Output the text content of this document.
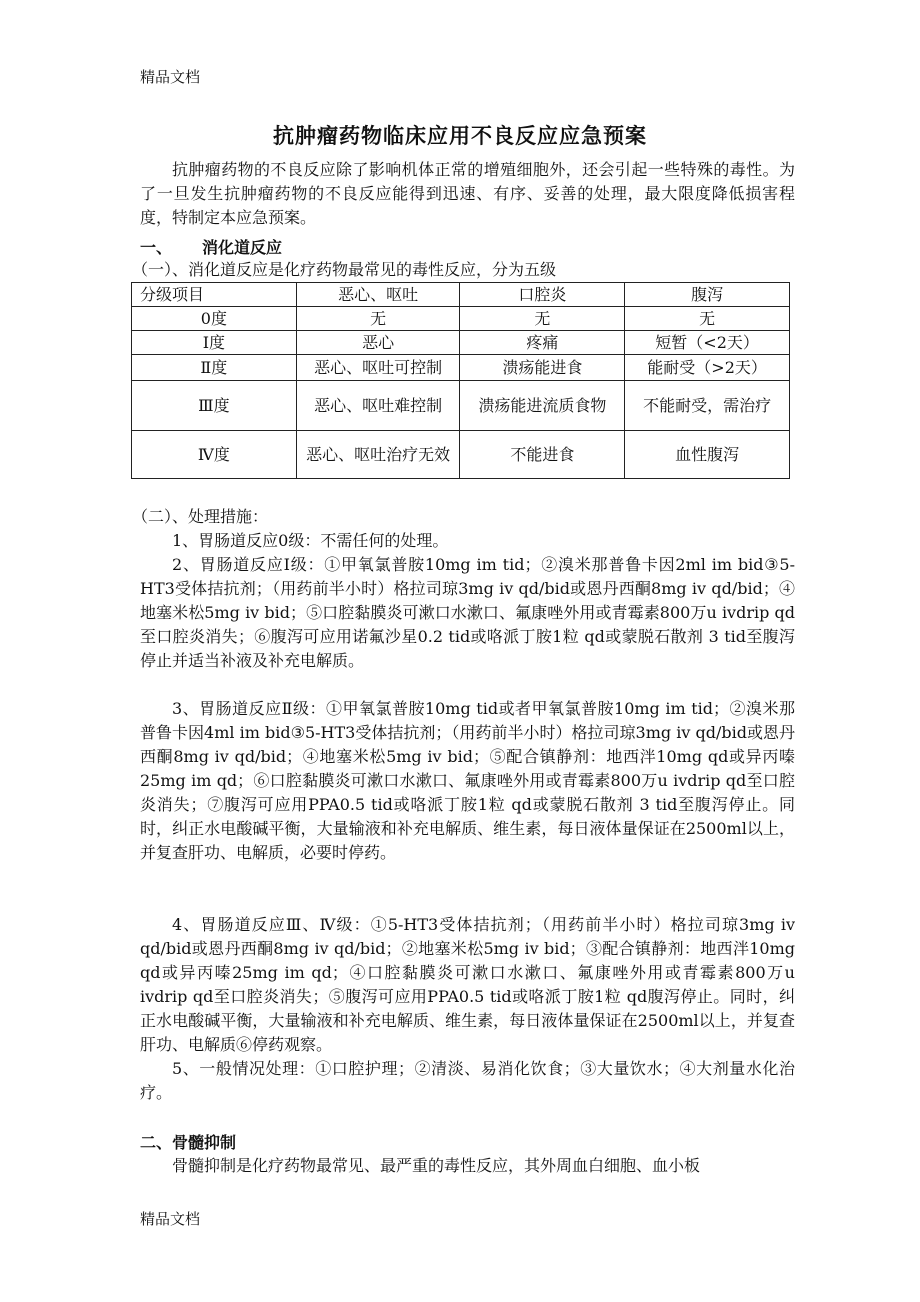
精品文档
抗肿瘤药物临床应用不良反应应急预案
抗肿瘤药物的不良反应除了影响机体正常的增殖细胞外，还会引起一些特殊的毒性。为了一旦发生抗肿瘤药物的不良反应能得到迅速、有序、妥善的处理，最大限度降低损害程度，特制定本应急预案。
一、 消化道反应
（一）、消化道反应是化疗药物最常见的毒性反应，分为五级
分级项目	恶心、呕吐	口腔炎	腹泻
0度	无	无	无
Ⅰ度	恶心	疼痛	短暂（<2天）
Ⅱ度	恶心、呕吐可控制	溃疡能进食	能耐受（>2天）
Ⅲ度	恶心、呕吐难控制	溃疡能进流质食物	不能耐受，需治疗
Ⅳ度	恶心、呕吐治疗无效	不能进食	血性腹泻
（二）、处理措施：
1、胃肠道反应0级：不需任何的处理。
2、胃肠道反应Ⅰ级：①甲氧氯普胺10mg im tid；②溴米那普鲁卡因2ml im bid③5-HT3受体拮抗剂；（用药前半小时）格拉司琼3mg iv qd/bid或恩丹西酮8mg iv qd/bid；④地塞米松5mg iv bid；⑤口腔黏膜炎可漱口水漱口、氟康唑外用或青霉素800万u ivdrip qd至口腔炎消失；⑥腹泻可应用诺氟沙星0.2 tid或咯派丁胺1粒 qd或蒙脱石散剂 3 tid至腹泻停止并适当补液及补充电解质。
3、胃肠道反应Ⅱ级：①甲氧氯普胺10mg tid或者甲氧氯普胺10mg im tid；②溴米那普鲁卡因4ml im bid③5-HT3受体拮抗剂；（用药前半小时）格拉司琼3mg iv qd/bid或恩丹西酮8mg iv qd/bid；④地塞米松5mg iv bid；⑤配合镇静剂：地西泮10mg qd或异丙嗪25mg im qd；⑥口腔黏膜炎可漱口水漱口、氟康唑外用或青霉素800万u ivdrip qd至口腔炎消失；⑦腹泻可应用PPA0.5 tid或咯派丁胺1粒 qd或蒙脱石散剂 3 tid至腹泻停止。同时，纠正水电酸碱平衡，大量输液和补充电解质、维生素，每日液体量保证在2500ml以上，并复查肝功、电解质，必要时停药。
4、胃肠道反应Ⅲ、Ⅳ级：①5-HT3受体拮抗剂；（用药前半小时）格拉司琼3mg iv qd/bid或恩丹西酮8mg iv qd/bid；②地塞米松5mg iv bid；③配合镇静剂：地西泮10mg qd或异丙嗪25mg im qd；④口腔黏膜炎可漱口水漱口、氟康唑外用或青霉素800万u ivdrip qd至口腔炎消失；⑤腹泻可应用PPA0.5 tid或咯派丁胺1粒 qd腹泻停止。同时，纠正水电酸碱平衡，大量输液和补充电解质、维生素，每日液体量保证在2500ml以上，并复查肝功、电解质⑥停药观察。
5、一般情况处理：①口腔护理；②清淡、易消化饮食；③大量饮水；④大剂量水化治疗。
二、骨髓抑制
骨髓抑制是化疗药物最常见、最严重的毒性反应，其外周血白细胞、血小板
精品文档
